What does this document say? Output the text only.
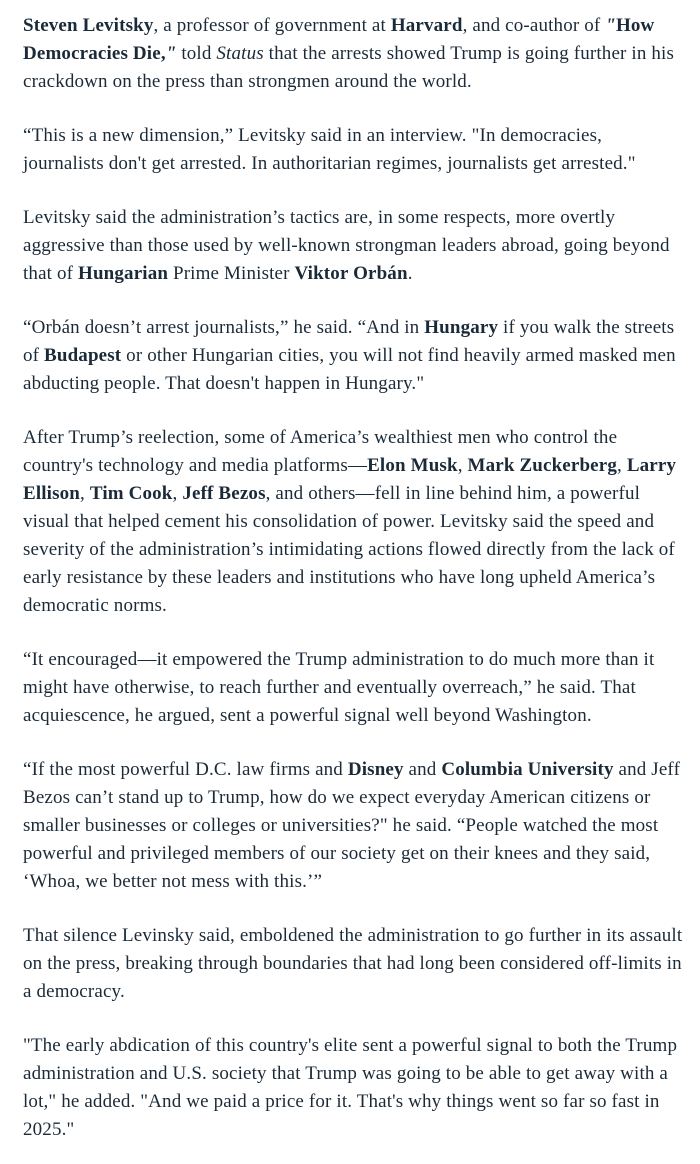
Steven Levitsky, a professor of government at Harvard, and co-author of "How Democracies Die," told Status that the arrests showed Trump is going further in his crackdown on the press than strongmen around the world.

“This is a new dimension,” Levitsky said in an interview. "In democracies, journalists don't get arrested. In authoritarian regimes, journalists get arrested."

Levitsky said the administration’s tactics are, in some respects, more overtly aggressive than those used by well-known strongman leaders abroad, going beyond that of Hungarian Prime Minister Viktor Orbán.

“Orbán doesn’t arrest journalists,” he said. “And in Hungary if you walk the streets of Budapest or other Hungarian cities, you will not find heavily armed masked men abducting people. That doesn't happen in Hungary."

After Trump’s reelection, some of America’s wealthiest men who control the country's technology and media platforms—Elon Musk, Mark Zuckerberg, Larry Ellison, Tim Cook, Jeff Bezos, and others—fell in line behind him, a powerful visual that helped cement his consolidation of power. Levitsky said the speed and severity of the administration’s intimidating actions flowed directly from the lack of early resistance by these leaders and institutions who have long upheld America’s democratic norms.

“It encouraged—it empowered the Trump administration to do much more than it might have otherwise, to reach further and eventually overreach,” he said. That acquiescence, he argued, sent a powerful signal well beyond Washington.

“If the most powerful D.C. law firms and Disney and Columbia University and Jeff Bezos can’t stand up to Trump, how do we expect everyday American citizens or smaller businesses or colleges or universities?" he said. “People watched the most powerful and privileged members of our society get on their knees and they said, ‘Whoa, we better not mess with this.’”

That silence Levinsky said, emboldened the administration to go further in its assault on the press, breaking through boundaries that had long been considered off-limits in a democracy.

"The early abdication of this country's elite sent a powerful signal to both the Trump administration and U.S. society that Trump was going to be able to get away with a lot," he added. "And we paid a price for it. That's why things went so far so fast in 2025."
